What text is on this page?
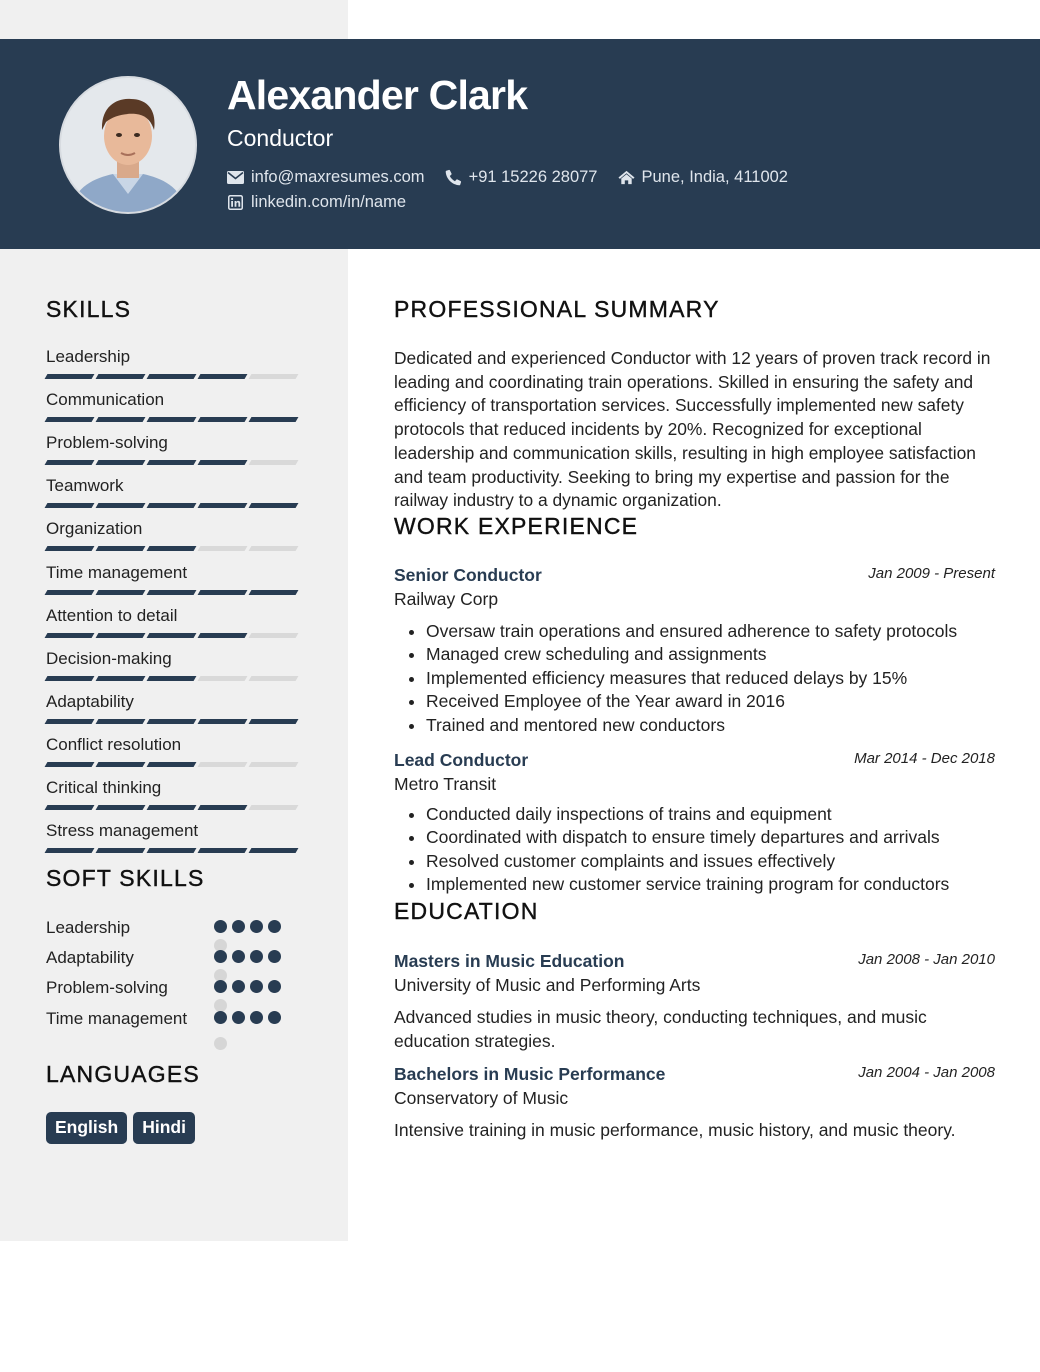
Alexander Clark
Conductor
info@maxresumes.com	+91 15226 28077	Pune, India, 411002
linkedin.com/in/name
SKILLS
Leadership
Communication
Problem-solving
Teamwork
Organization
Time management
Attention to detail
Decision-making
Adaptability
Conflict resolution
Critical thinking
Stress management
SOFT SKILLS
Leadership
Adaptability
Problem-solving
Time management
LANGUAGES
English	Hindi
PROFESSIONAL SUMMARY

Dedicated and experienced Conductor with 12 years of proven track record in leading and coordinating train operations. Skilled in ensuring the safety and efficiency of transportation services. Successfully implemented new safety protocols that reduced incidents by 20%. Recognized for exceptional leadership and communication skills, resulting in high employee satisfaction and team productivity. Seeking to bring my expertise and passion for the railway industry to a dynamic organization.

WORK EXPERIENCE
Senior Conductor	Jan 2009 - Present
Railway Corp
• Oversaw train operations and ensured adherence to safety protocols
• Managed crew scheduling and assignments
• Implemented efficiency measures that reduced delays by 15%
• Received Employee of the Year award in 2016
• Trained and mentored new conductors
Lead Conductor	Mar 2014 - Dec 2018
Metro Transit
• Conducted daily inspections of trains and equipment
• Coordinated with dispatch to ensure timely departures and arrivals
• Resolved customer complaints and issues effectively
• Implemented new customer service training program for conductors
EDUCATION
Masters in Music Education	Jan 2008 - Jan 2010
University of Music and Performing Arts
Advanced studies in music theory, conducting techniques, and music education strategies.
Bachelors in Music Performance	Jan 2004 - Jan 2008
Conservatory of Music
Intensive training in music performance, music history, and music theory.
